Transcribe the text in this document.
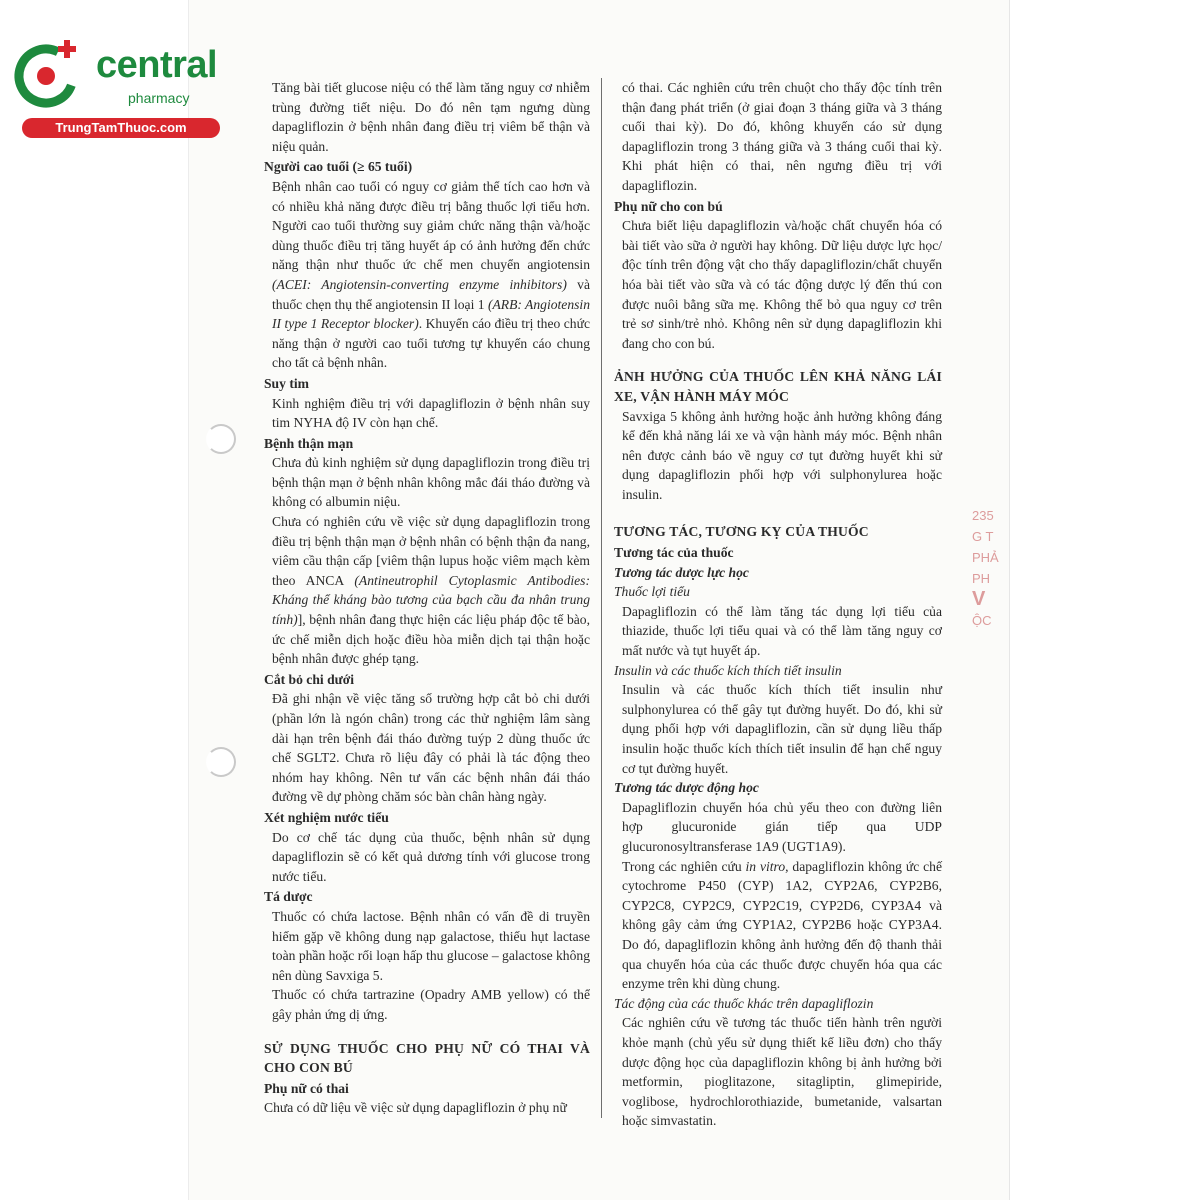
central
pharmacy
TrungTamThuoc.com
235
G T
PHẢ
PH
V
ỘC

Tăng bài tiết glucose niệu có thể làm tăng nguy cơ nhiễm trùng đường tiết niệu. Do đó nên tạm ngưng dùng dapagliflozin ở bệnh nhân đang điều trị viêm bể thận và niệu quản.

Người cao tuổi (≥ 65 tuổi)

Bệnh nhân cao tuổi có nguy cơ giảm thể tích cao hơn và có nhiều khả năng được điều trị bằng thuốc lợi tiểu hơn. Người cao tuổi thường suy giảm chức năng thận và/hoặc dùng thuốc điều trị tăng huyết áp có ảnh hưởng đến chức năng thận như thuốc ức chế men chuyển angiotensin (ACEI: Angiotensin-converting enzyme inhibitors) và thuốc chẹn thụ thể angiotensin II loại 1 (ARB: Angiotensin II type 1 Receptor blocker). Khuyến cáo điều trị theo chức năng thận ở người cao tuổi tương tự khuyến cáo chung cho tất cả bệnh nhân.

Suy tim

Kinh nghiệm điều trị với dapagliflozin ở bệnh nhân suy tim NYHA độ IV còn hạn chế.

Bệnh thận mạn

Chưa đủ kinh nghiệm sử dụng dapagliflozin trong điều trị bệnh thận mạn ở bệnh nhân không mắc đái tháo đường và không có albumin niệu.

Chưa có nghiên cứu về việc sử dụng dapagliflozin trong điều trị bệnh thận mạn ở bệnh nhân có bệnh thận đa nang, viêm cầu thận cấp [viêm thận lupus hoặc viêm mạch kèm theo ANCA (Antineutrophil Cytoplasmic Antibodies: Kháng thể kháng bào tương của bạch cầu đa nhân trung tính)], bệnh nhân đang thực hiện các liệu pháp độc tế bào, ức chế miễn dịch hoặc điều hòa miễn dịch tại thận hoặc bệnh nhân được ghép tạng.

Cắt bỏ chi dưới

Đã ghi nhận về việc tăng số trường hợp cắt bỏ chi dưới (phần lớn là ngón chân) trong các thử nghiệm lâm sàng dài hạn trên bệnh đái tháo đường tuýp 2 dùng thuốc ức chế SGLT2. Chưa rõ liệu đây có phải là tác động theo nhóm hay không. Nên tư vấn các bệnh nhân đái tháo đường về dự phòng chăm sóc bàn chân hàng ngày.

Xét nghiệm nước tiểu

Do cơ chế tác dụng của thuốc, bệnh nhân sử dụng dapagliflozin sẽ có kết quả dương tính với glucose trong nước tiểu.

Tá dược

Thuốc có chứa lactose. Bệnh nhân có vấn đề di truyền hiếm gặp về không dung nạp galactose, thiếu hụt lactase toàn phần hoặc rối loạn hấp thu glucose – galactose không nên dùng Savxiga 5.

Thuốc có chứa tartrazine (Opadry AMB yellow) có thể gây phản ứng dị ứng.

SỬ DỤNG THUỐC CHO PHỤ NỮ CÓ THAI VÀ CHO CON BÚ

Phụ nữ có thai

Chưa có dữ liệu về việc sử dụng dapagliflozin ở phụ nữ

có thai. Các nghiên cứu trên chuột cho thấy độc tính trên thận đang phát triển (ở giai đoạn 3 tháng giữa và 3 tháng cuối thai kỳ). Do đó, không khuyến cáo sử dụng dapagliflozin trong 3 tháng giữa và 3 tháng cuối thai kỳ. Khi phát hiện có thai, nên ngưng điều trị với dapagliflozin.

Phụ nữ cho con bú

Chưa biết liệu dapagliflozin và/hoặc chất chuyển hóa có bài tiết vào sữa ở người hay không. Dữ liệu dược lực học/độc tính trên động vật cho thấy dapagliflozin/chất chuyển hóa bài tiết vào sữa và có tác động dược lý đến thú con được nuôi bằng sữa mẹ. Không thể bỏ qua nguy cơ trên trẻ sơ sinh/trẻ nhỏ. Không nên sử dụng dapagliflozin khi đang cho con bú.

ẢNH HƯỞNG CỦA THUỐC LÊN KHẢ NĂNG LÁI XE, VẬN HÀNH MÁY MÓC

Savxiga 5 không ảnh hưởng hoặc ảnh hưởng không đáng kể đến khả năng lái xe và vận hành máy móc. Bệnh nhân nên được cảnh báo về nguy cơ tụt đường huyết khi sử dụng dapagliflozin phối hợp với sulphonylurea hoặc insulin.

TƯƠNG TÁC, TƯƠNG KỴ CỦA THUỐC

Tương tác của thuốc

Tương tác dược lực học

Thuốc lợi tiểu

Dapagliflozin có thể làm tăng tác dụng lợi tiểu của thiazide, thuốc lợi tiểu quai và có thể làm tăng nguy cơ mất nước và tụt huyết áp.

Insulin và các thuốc kích thích tiết insulin

Insulin và các thuốc kích thích tiết insulin như sulphonylurea có thể gây tụt đường huyết. Do đó, khi sử dụng phối hợp với dapagliflozin, cần sử dụng liều thấp insulin hoặc thuốc kích thích tiết insulin để hạn chế nguy cơ tụt đường huyết.

Tương tác dược động học

Dapagliflozin chuyển hóa chủ yếu theo con đường liên hợp glucuronide gián tiếp qua UDP glucuronosyltransferase 1A9 (UGT1A9).

Trong các nghiên cứu in vitro, dapagliflozin không ức chế cytochrome P450 (CYP) 1A2, CYP2A6, CYP2B6, CYP2C8, CYP2C9, CYP2C19, CYP2D6, CYP3A4 và không gây cảm ứng CYP1A2, CYP2B6 hoặc CYP3A4. Do đó, dapagliflozin không ảnh hưởng đến độ thanh thải qua chuyển hóa của các thuốc được chuyển hóa qua các enzyme trên khi dùng chung.

Tác động của các thuốc khác trên dapagliflozin

Các nghiên cứu về tương tác thuốc tiến hành trên người khỏe mạnh (chủ yếu sử dụng thiết kế liều đơn) cho thấy dược động học của dapagliflozin không bị ảnh hưởng bởi metformin, pioglitazone, sitagliptin, glimepiride, voglibose, hydrochlorothiazide, bumetanide, valsartan hoặc simvastatin.
